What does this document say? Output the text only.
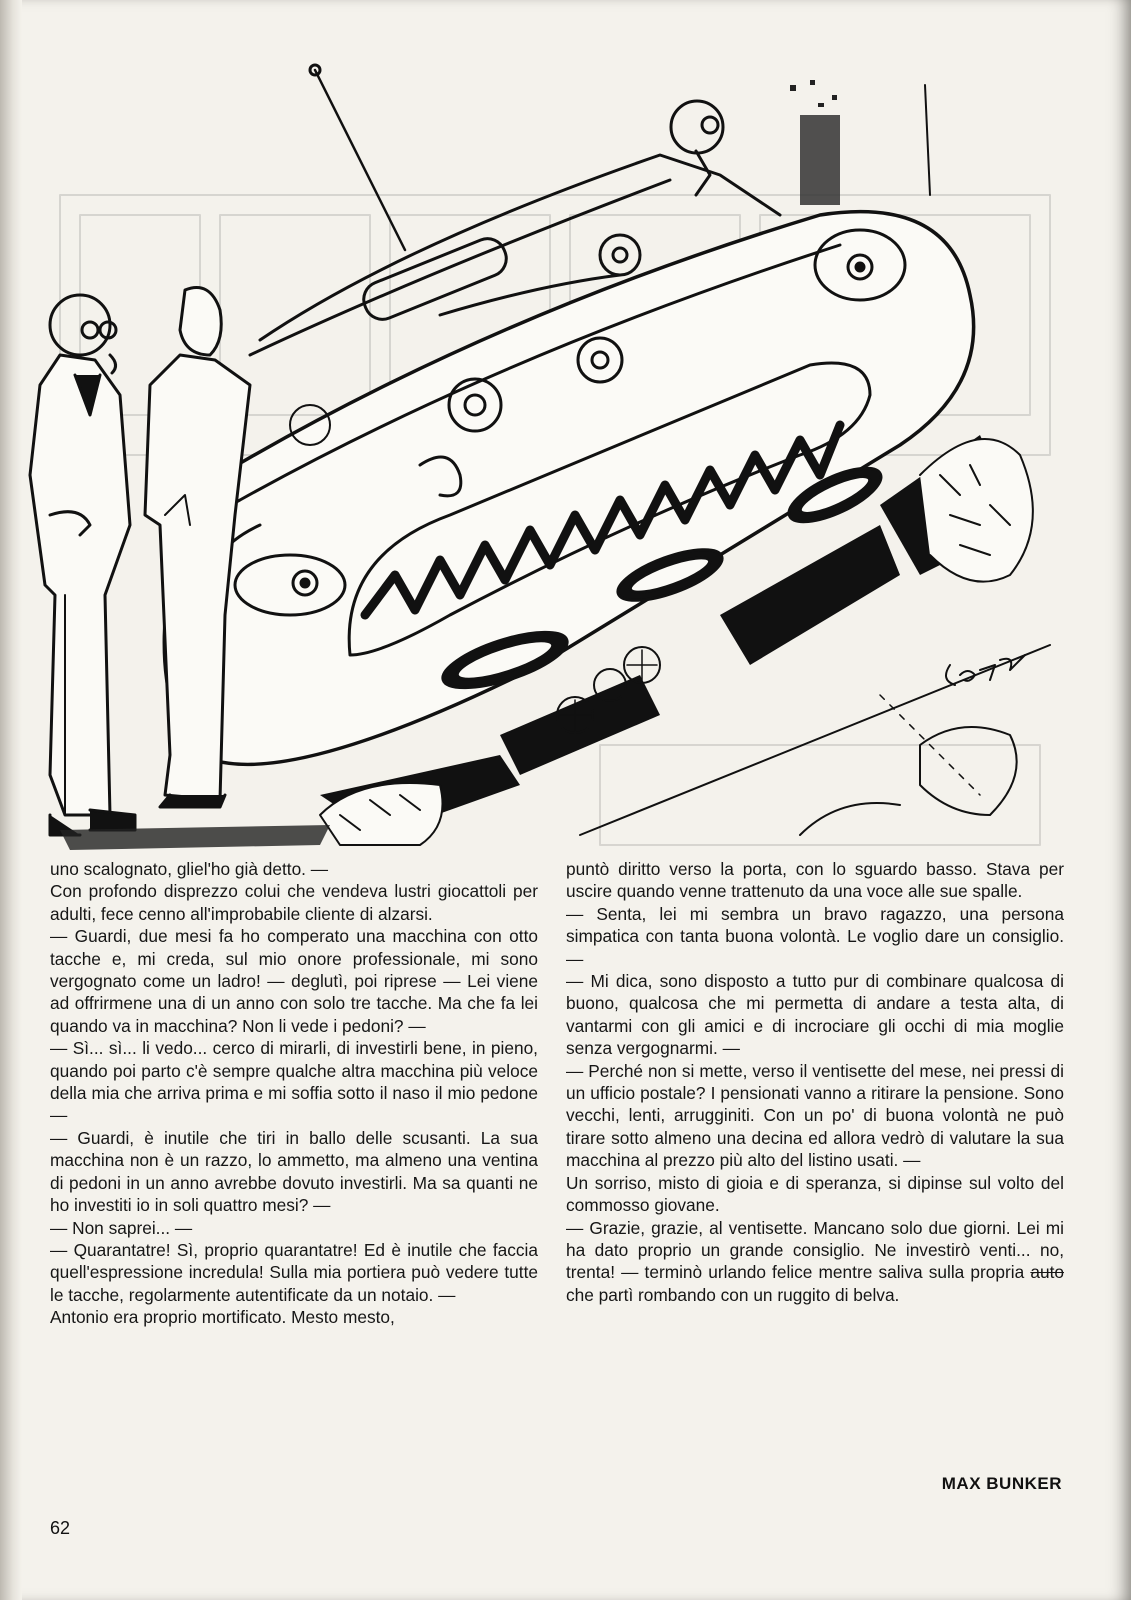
uno scalognato, gliel'ho già detto. —

Con profondo disprezzo colui che vendeva lustri giocattoli per adulti, fece cenno all'improbabile cliente di alzarsi.

— Guardi, due mesi fa ho comperato una macchina con otto tacche e, mi creda, sul mio onore professionale, mi sono vergognato come un ladro! — deglutì, poi riprese — Lei viene ad offrirmene una di un anno con solo tre tacche. Ma che fa lei quando va in macchina? Non li vede i pedoni? —

— Sì... sì... li vedo... cerco di mirarli, di investirli bene, in pieno, quando poi parto c'è sempre qualche altra macchina più veloce della mia che arriva prima e mi soffia sotto il naso il mio pedone —

— Guardi, è inutile che tiri in ballo delle scusanti. La sua macchina non è un razzo, lo ammetto, ma almeno una ventina di pedoni in un anno avrebbe dovuto investirli. Ma sa quanti ne ho investiti io in soli quattro mesi? —

— Non saprei... —

— Quarantatre! Sì, proprio quarantatre! Ed è inutile che faccia quell'espressione incredula! Sulla mia portiera può vedere tutte le tacche, regolarmente autentificate da un notaio. —

Antonio era proprio mortificato. Mesto mesto,

puntò diritto verso la porta, con lo sguardo basso. Stava per uscire quando venne trattenuto da una voce alle sue spalle.

— Senta, lei mi sembra un bravo ragazzo, una persona simpatica con tanta buona volontà. Le voglio dare un consiglio. —

— Mi dica, sono disposto a tutto pur di combinare qualcosa di buono, qualcosa che mi permetta di andare a testa alta, di vantarmi con gli amici e di incrociare gli occhi di mia moglie senza vergognarmi. —

— Perché non si mette, verso il ventisette del mese, nei pressi di un ufficio postale? I pensionati vanno a ritirare la pensione. Sono vecchi, lenti, arrugginiti. Con un po' di buona volontà ne può tirare sotto almeno una decina ed allora vedrò di valutare la sua macchina al prezzo più alto del listino usati. —

Un sorriso, misto di gioia e di speranza, si dipinse sul volto del commosso giovane.

— Grazie, grazie, al ventisette. Mancano solo due giorni. Lei mi ha dato proprio un grande consiglio. Ne investirò venti... no, trenta! — terminò urlando felice mentre saliva sulla propria auto che partì rombando con un ruggito di belva.

MAX BUNKER
62
